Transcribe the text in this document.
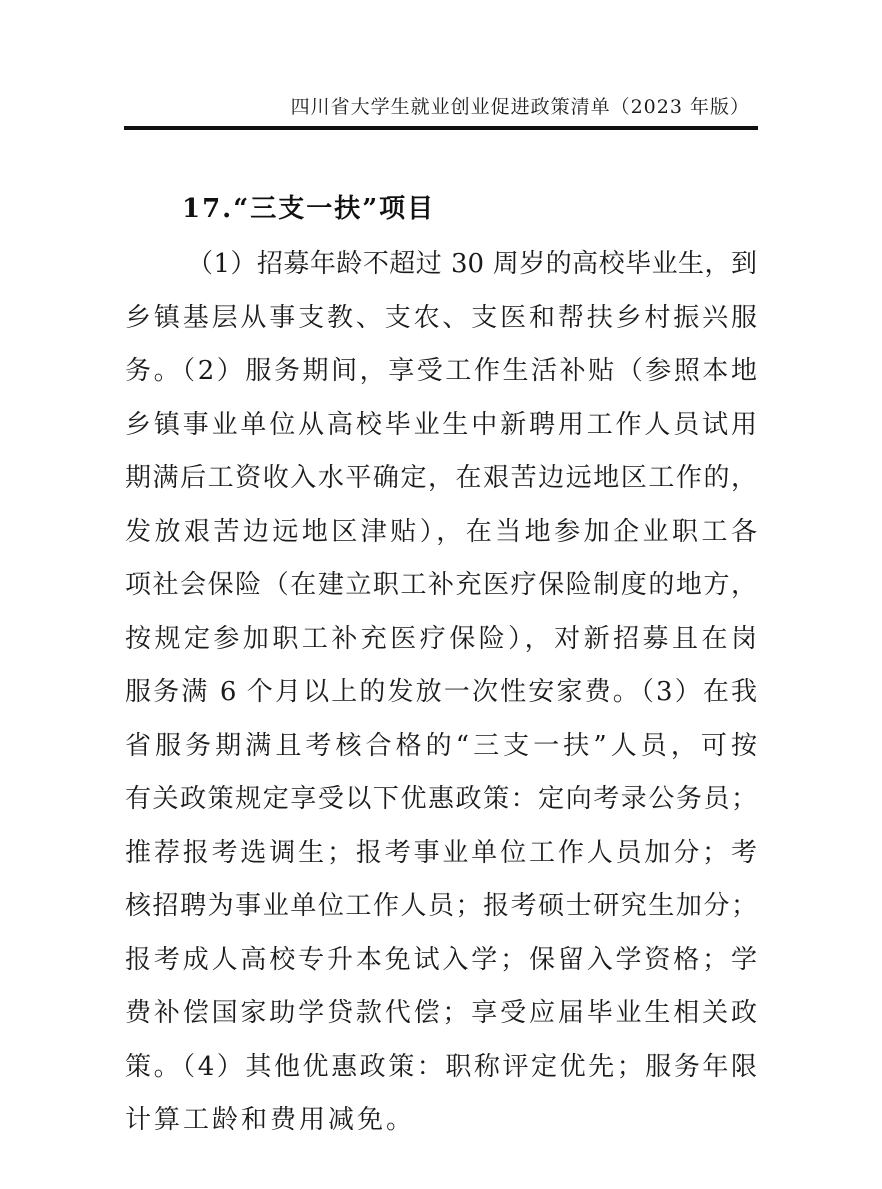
四川省大学生就业创业促进政策清单（2023 年版）
17.“三支一扶”项目
（1）招募年龄不超过 30 周岁的高校毕业生，到
乡镇基层从事支教、支农、支医和帮扶乡村振兴服
务。（2）服务期间，享受工作生活补贴（参照本地
乡镇事业单位从高校毕业生中新聘用工作人员试用
期满后工资收入水平确定，在艰苦边远地区工作的，
发放艰苦边远地区津贴），在当地参加企业职工各
项社会保险（在建立职工补充医疗保险制度的地方，
按规定参加职工补充医疗保险），对新招募且在岗
服务满 6 个月以上的发放一次性安家费。（3）在我
省服务期满且考核合格的“三支一扶”人员，可按
有关政策规定享受以下优惠政策：定向考录公务员；
推荐报考选调生；报考事业单位工作人员加分；考
核招聘为事业单位工作人员；报考硕士研究生加分；
报考成人高校专升本免试入学；保留入学资格；学
费补偿国家助学贷款代偿；享受应届毕业生相关政
策。（4）其他优惠政策：职称评定优先；服务年限
计算工龄和费用减免。
